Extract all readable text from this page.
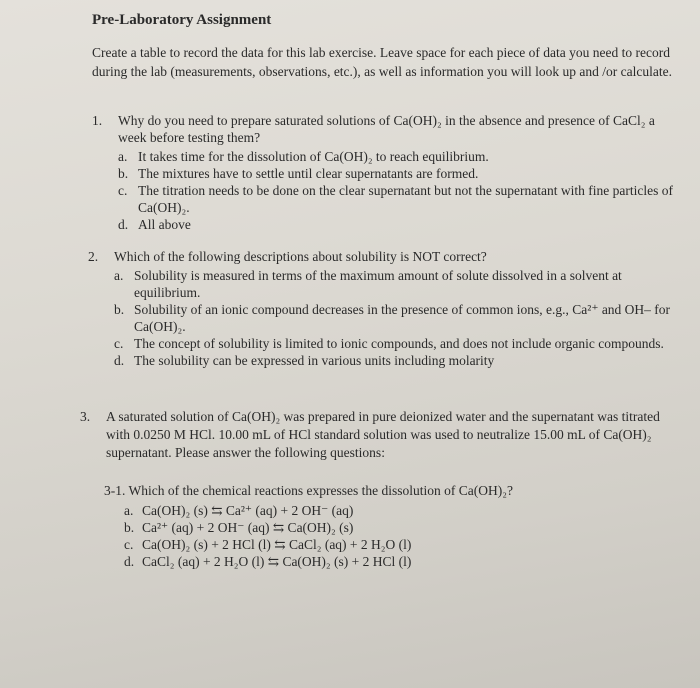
Pre-Laboratory Assignment
Create a table to record the data for this lab exercise. Leave space for each piece of data you need to record during the lab (measurements, observations, etc.), as well as information you will look up and /or calculate.
1. Why do you need to prepare saturated solutions of Ca(OH)₂ in the absence and presence of CaCl₂ a week before testing them?
a. It takes time for the dissolution of Ca(OH)₂ to reach equilibrium.
b. The mixtures have to settle until clear supernatants are formed.
c. The titration needs to be done on the clear supernatant but not the supernatant with fine particles of Ca(OH)₂.
d. All above
2. Which of the following descriptions about solubility is NOT correct?
a. Solubility is measured in terms of the maximum amount of solute dissolved in a solvent at equilibrium.
b. Solubility of an ionic compound decreases in the presence of common ions, e.g., Ca²⁺ and OH– for Ca(OH)₂.
c. The concept of solubility is limited to ionic compounds, and does not include organic compounds.
d. The solubility can be expressed in various units including molarity
3. A saturated solution of Ca(OH)₂ was prepared in pure deionized water and the supernatant was titrated with 0.0250 M HCl. 10.00 mL of HCl standard solution was used to neutralize 15.00 mL of Ca(OH)₂ supernatant. Please answer the following questions:
3-1. Which of the chemical reactions expresses the dissolution of Ca(OH)₂?
a. Ca(OH)₂ (s) ⇆ Ca²⁺ (aq) + 2 OH⁻ (aq)
b. Ca²⁺ (aq) + 2 OH⁻ (aq) ⇆ Ca(OH)₂ (s)
c. Ca(OH)₂ (s) + 2 HCl (l) ⇆ CaCl₂ (aq) + 2 H₂O (l)
d. CaCl₂ (aq) + 2 H₂O (l) ⇆ Ca(OH)₂ (s) + 2 HCl (l)
